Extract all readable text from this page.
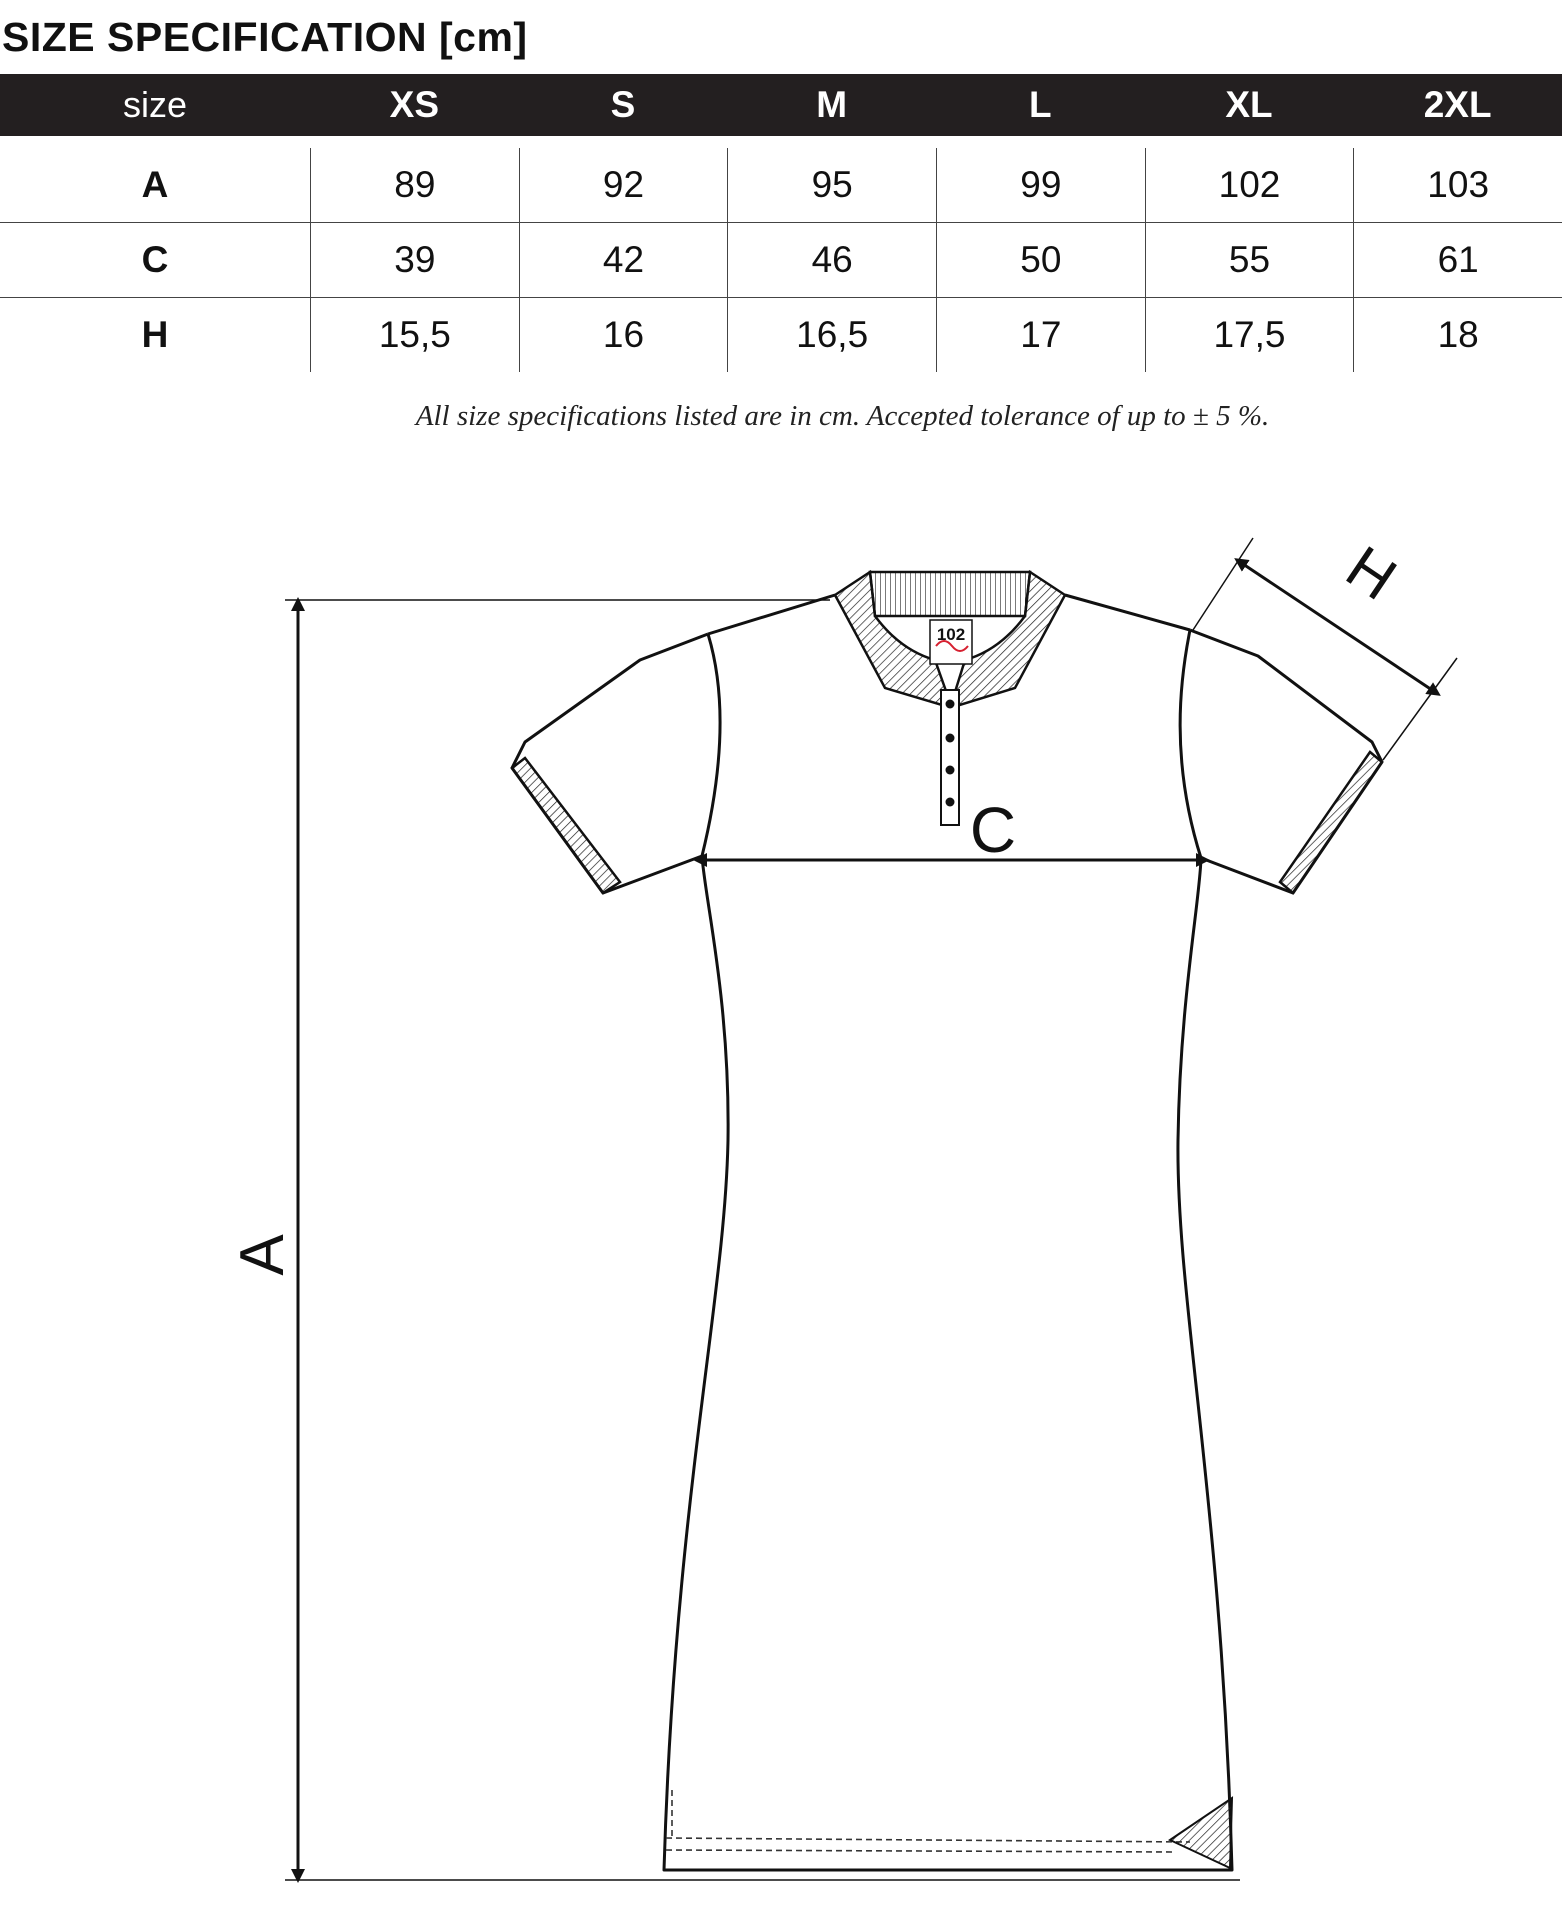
SIZE SPECIFICATION [cm]
size	XS	S	M	L	XL	2XL
A	89	92	95	99	102	103
C	39	42	46	50	55	61
H	15,5	16	16,5	17	17,5	18
All size specifications listed are in cm. Accepted tolerance of up to ± 5 %.
A
102
C
H
